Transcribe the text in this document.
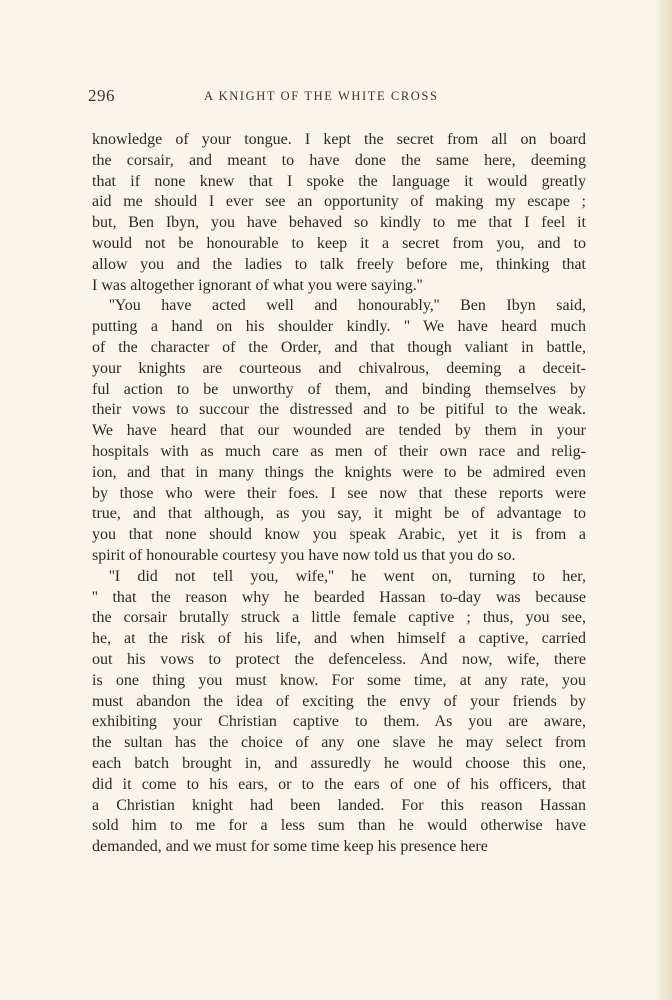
296	A KNIGHT OF THE WHITE CROSS
knowledge of your tongue. I kept the secret from all on board
the corsair, and meant to have done the same here, deeming
that if none knew that I spoke the language it would greatly
aid me should I ever see an opportunity of making my escape ;
but, Ben Ibyn, you have behaved so kindly to me that I feel it
would not be honourable to keep it a secret from you, and to
allow you and the ladies to talk freely before me, thinking that
I was altogether ignorant of what you were saying.''
''You have acted well and honourably,'' Ben Ibyn said,
putting a hand on his shoulder kindly. '' We have heard much
of the character of the Order, and that though valiant in battle,
your knights are courteous and chivalrous, deeming a deceit-
ful action to be unworthy of them, and binding themselves by
their vows to succour the distressed and to be pitiful to the weak.
We have heard that our wounded are tended by them in your
hospitals with as much care as men of their own race and relig-
ion, and that in many things the knights were to be admired even
by those who were their foes. I see now that these reports were
true, and that although, as you say, it might be of advantage to
you that none should know you speak Arabic, yet it is from a
spirit of honourable courtesy you have now told us that you do so.
''I did not tell you, wife,'' he went on, turning to her,
'' that the reason why he bearded Hassan to-day was because
the corsair brutally struck a little female captive ; thus, you see,
he, at the risk of his life, and when himself a captive, carried
out his vows to protect the defenceless. And now, wife, there
is one thing you must know. For some time, at any rate, you
must abandon the idea of exciting the envy of your friends by
exhibiting your Christian captive to them. As you are aware,
the sultan has the choice of any one slave he may select from
each batch brought in, and assuredly he would choose this one,
did it come to his ears, or to the ears of one of his officers, that
a Christian knight had been landed. For this reason Hassan
sold him to me for a less sum than he would otherwise have
demanded, and we must for some time keep his presence here
